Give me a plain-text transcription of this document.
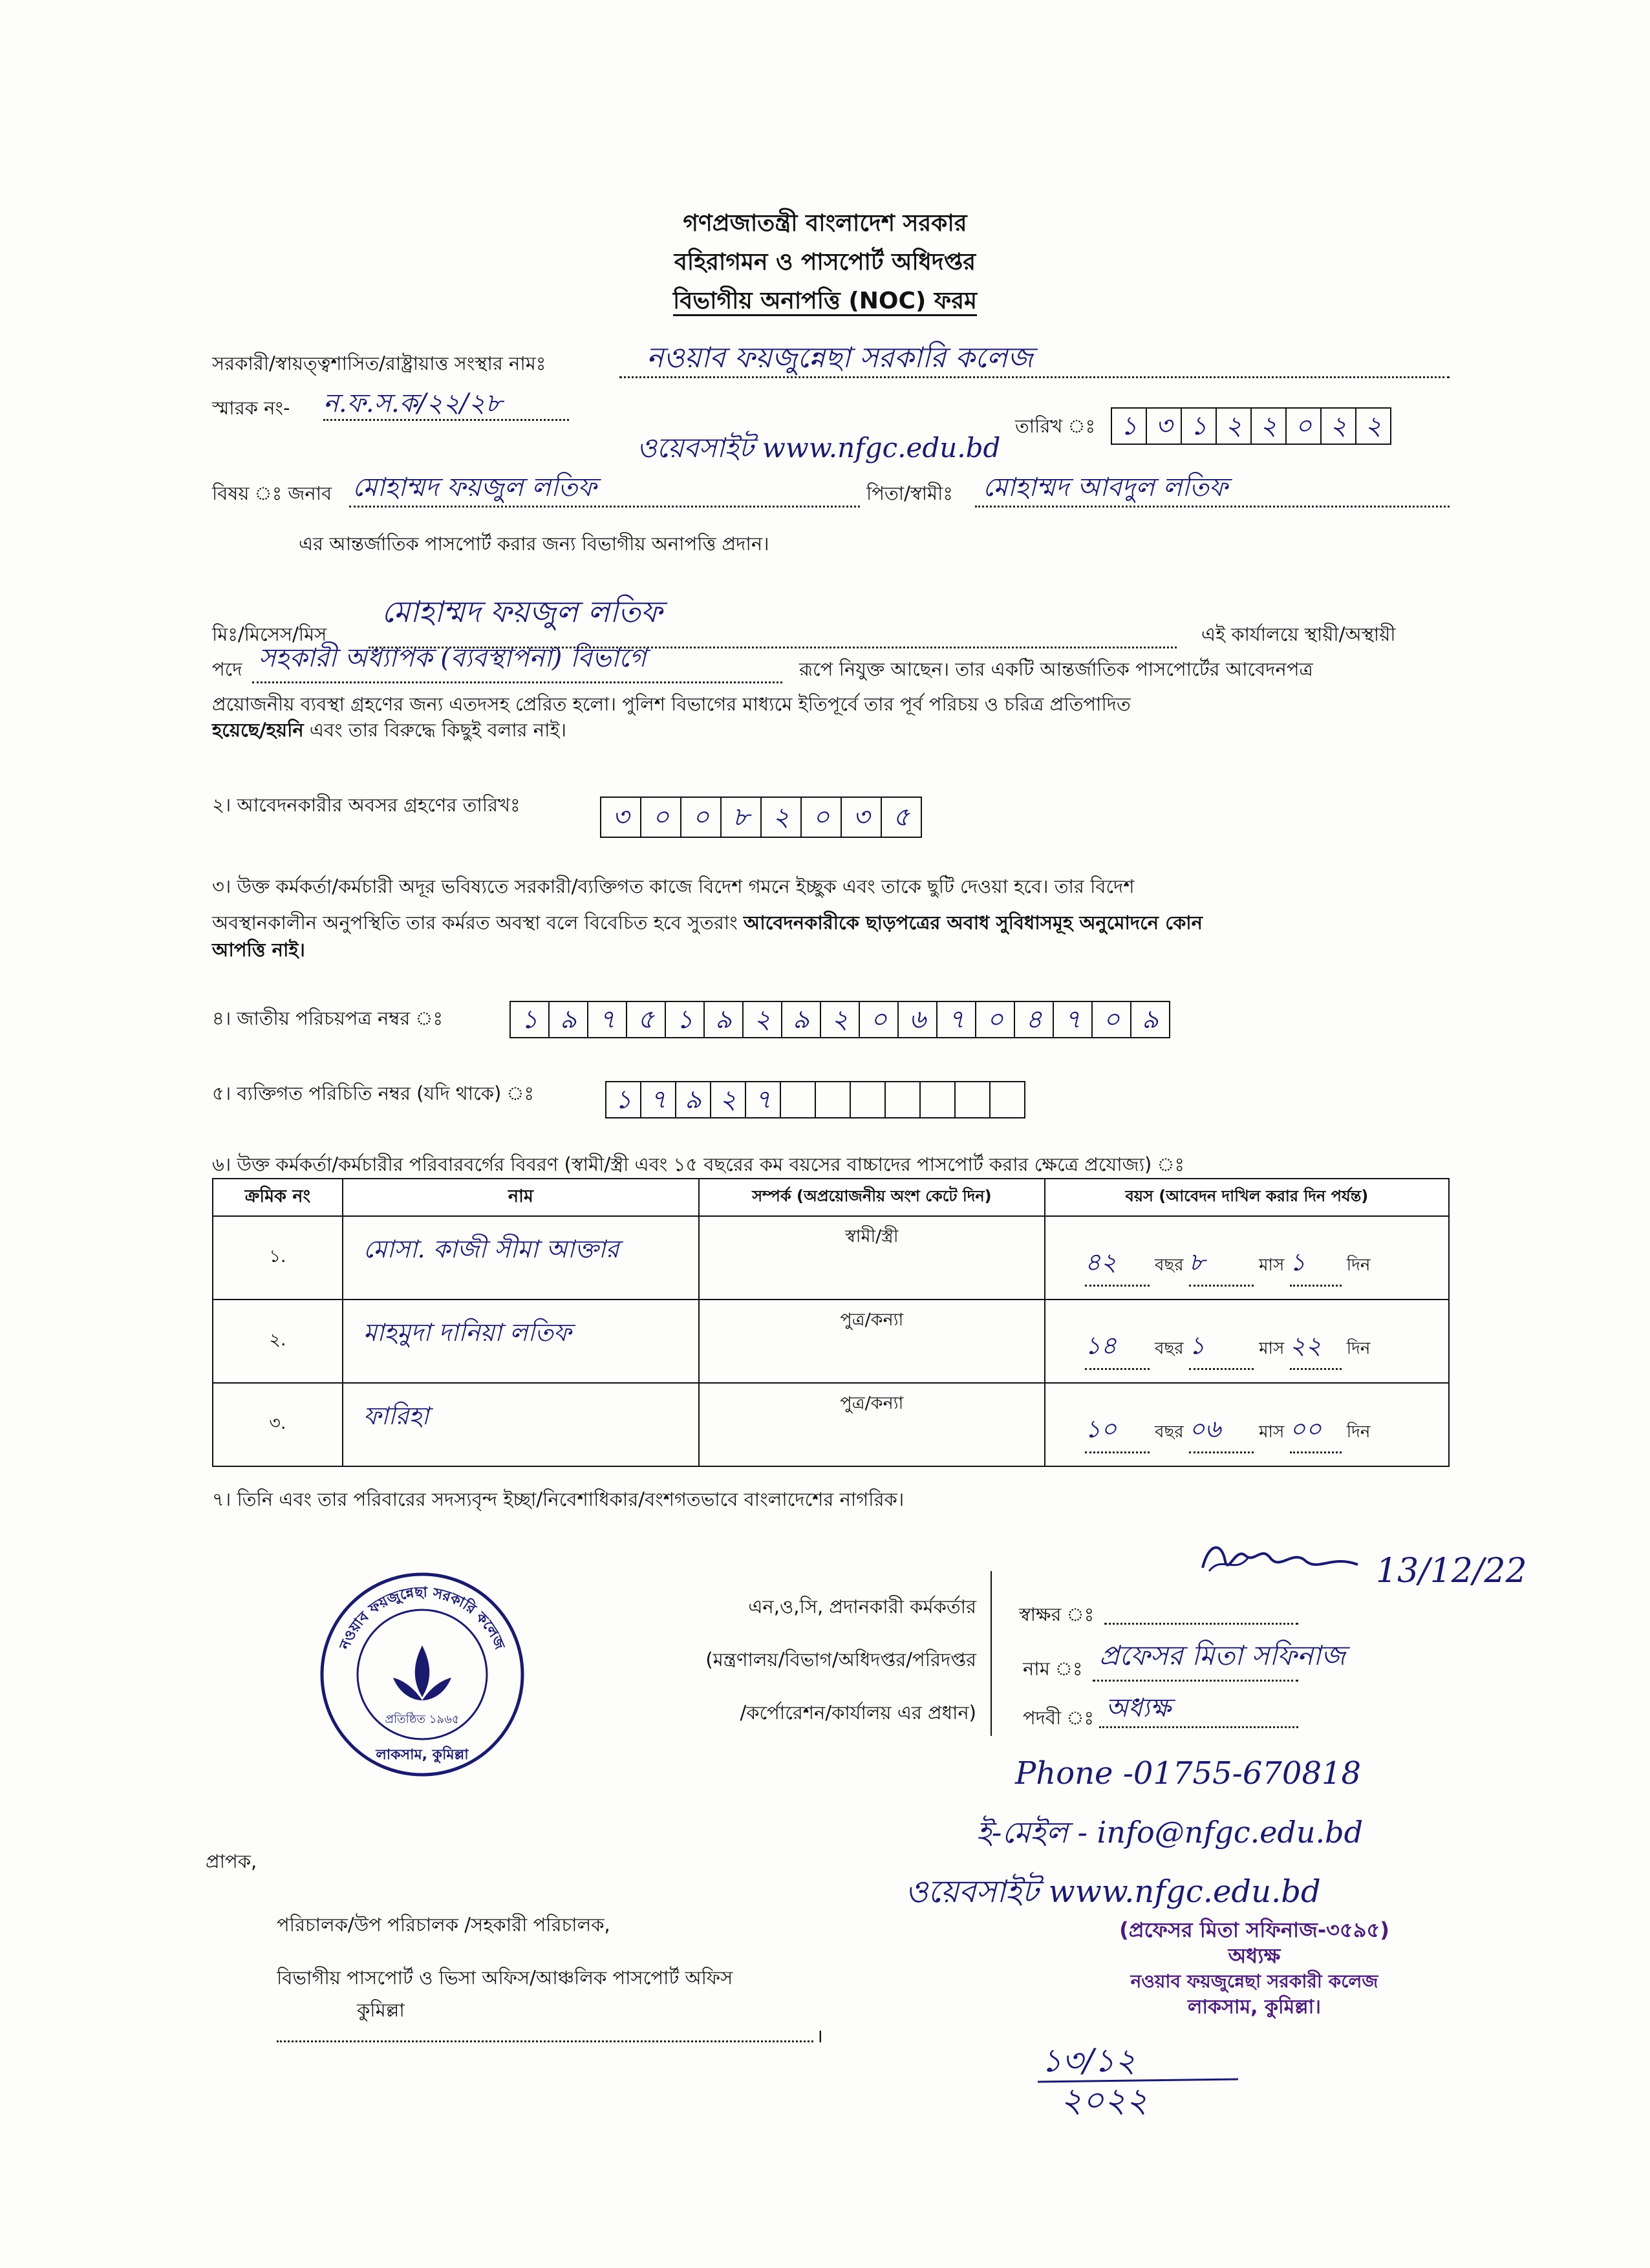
গণপ্রজাতন্ত্রী বাংলাদেশ সরকার
বহিরাগমন ও পাসপোর্ট অধিদপ্তর
বিভাগীয় অনাপত্তি (NOC) ফরম
সরকারী/স্বায়ত্ত্বশাসিত/রাষ্ট্রায়াত্ত সংস্থার নামঃ	নওয়াব ফয়জুন্নেছা সরকারি কলেজ
স্মারক নং- ন.ফ.স.ক/২২/২৮
ওয়েবসাইট www.nfgc.edu.bd
তারিখ ঃ ১ ৩ ১ ২ ২ ০ ২ ২
বিষয় ঃ জনাব মোহাম্মদ ফয়জুল লতিফ	পিতা/স্বামীঃ মোহাম্মদ আবদুল লতিফ
এর আন্তর্জাতিক পাসপোর্ট করার জন্য বিভাগীয় অনাপত্তি প্রদান।
মিঃ/মিসেস/মিস
মোহাম্মদ ফয়জুল লতিফ
এই কার্যালয়ে স্থায়ী/অস্থায়ী
পদে সহকারী অধ্যাপক (ব্যবস্থাপনা) বিভাগে	রূপে নিযুক্ত আছেন। তার একটি আন্তর্জাতিক পাসপোর্টের আবেদনপত্র
প্রয়োজনীয় ব্যবস্থা গ্রহণের জন্য এতদসহ প্রেরিত হলো। পুলিশ বিভাগের মাধ্যমে ইতিপূর্বে তার পূর্ব পরিচয় ও চরিত্র প্রতিপাদিত
হয়েছে/হয়নি এবং তার বিরুদ্ধে কিছুই বলার নাই।
২। আবেদনকারীর অবসর গ্রহণের তারিখঃ	৩ ০ ০ ৮ ২ ০ ৩ ৫
৩। উক্ত কর্মকর্তা/কর্মচারী অদূর ভবিষ্যতে সরকারী/ব্যক্তিগত কাজে বিদেশ গমনে ইচ্ছুক এবং তাকে ছুটি দেওয়া হবে। তার বিদেশ
অবস্থানকালীন অনুপস্থিতি তার কর্মরত অবস্থা বলে বিবেচিত হবে সুতরাং আবেদনকারীকে ছাড়পত্রের অবাধ সুবিধাসমূহ অনুমোদনে কোন
আপত্তি নাই।
৪। জাতীয় পরিচয়পত্র নম্বর ঃ	১ ৯ ৭ ৫ ১ ৯ ২ ৯ ২ ০ ৬ ৭ ০ ৪ ৭ ০ ৯
৫। ব্যক্তিগত পরিচিতি নম্বর (যদি থাকে) ঃ	১ ৭ ৯ ২ ৭
৬। উক্ত কর্মকর্তা/কর্মচারীর পরিবারবর্গের বিবরণ (স্বামী/স্ত্রী এবং ১৫ বছরের কম বয়সের বাচ্চাদের পাসপোর্ট করার ক্ষেত্রে প্রযোজ্য) ঃ
ক্রমিক নং	নাম	সম্পর্ক (অপ্রয়োজনীয় অংশ কেটে দিন)	বয়স (আবেদন দাখিল করার দিন পর্যন্ত)
১.	মোসা. কাজী সীমা আক্তার	স্বামী/স্ত্রী	৪২ বছর ৮ মাস ১ দিন

২.	মাহমুদা দানিয়া লতিফ	পুত্র/কন্যা	১৪ বছর ১ মাস ২২ দিন

৩.	ফারিহা	পুত্র/কন্যা	১০ বছর ০৬ মাস ০০ দিন
৭। তিনি এবং তার পরিবারের সদস্যবৃন্দ ইচ্ছা/নিবেশাধিকার/বংশগতভাবে বাংলাদেশের নাগরিক।
নওয়াব ফয়জুন্নেছা সরকারি কলেজ
প্রতিষ্ঠিত ১৯৬৫
লাকসাম, কুমিল্লা
এন,ও,সি, প্রদানকারী কর্মকর্তার
(মন্ত্রণালয়/বিভাগ/অধিদপ্তর/পরিদপ্তর
/কর্পোরেশন/কার্যালয় এর প্রধান)
স্বাক্ষর ঃ
13/12/22
নাম ঃ প্রফেসর মিতা সফিনাজ
পদবী ঃ অধ্যক্ষ
Phone -01755-670818
ই-মেইল - info@nfgc.edu.bd
ওয়েবসাইট www.nfgc.edu.bd
(প্রফেসর মিতা সফিনাজ-৩৫৯৫)
অধ্যক্ষ
নওয়াব ফয়জুন্নেছা সরকারী কলেজ
লাকসাম, কুমিল্লা।
১৩/১২
২০২২
প্রাপক,
পরিচালক/উপ পরিচালক /সহকারী পরিচালক,
বিভাগীয় পাসপোর্ট ও ভিসা অফিস/আঞ্চলিক পাসপোর্ট অফিস
কুমিল্লা
।
